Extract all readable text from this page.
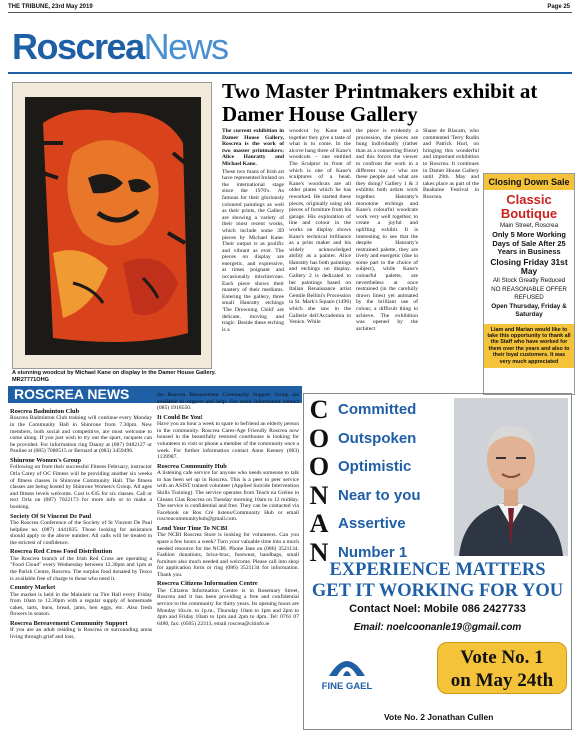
THE TRIBUNE, 23rd May 2019	Page 25
RoscreaNews
A stunning woodcut by Michael Kane on display in the Damer House Gallery. MR27771OHG
Two Master Printmakers exhibit at Damer House Gallery

The current exhibition in Damer House Gallery, Roscrea is the work of two master printmakers; Alice Hanratty and Michael Kane.

These two titans of Irish art have represented Ireland on the international stage since the 1970's. As famous for their gloriously coloured paintings as well as their prints, the Gallery are showing a variety of their most recent works, which include some 3D pieces by Michael Kane. Their output is as prolific and vibrant as ever. The pieces on display are energetic, and expressive, at times poignant and occasionally mischievous. Each piece shows their mastery of their mediums. Entering the gallery, three small Hanratty etchings 'The Drowning Child' are delicate, moving and tragic. Beside these etching is a

woodcut by Kane and together they give a taste of what is to come. In the alcove hang three of Kane's woodcuts – one entitled The Sculptor in front of which is one of Kane's sculptures of a head. Kane's woodcuts are all older plates which he has reworked. He started these pieces, originally using old pieces of furniture from his garage. His exploration of line and colour in the works on display shows Kane's technical brilliance as a print maker and his widely acknowledged ability as a painter. Alice Hanratty has both paintings and etchings on display. Gallery 2 is dedicated to her paintings based on Italian Renaissance artist Gentile Bellini's Procession in St. Mark's Square (1496) which she saw in the Gallerie dell'Accademia in Venice. While

the piece is evidently a procession, the pieces are hung individually (rather than as a connecting frieze) and this forces the viewer to confront the work in a different way – who are these people and what are they doing? Gallery 1 & 3 exhibits both artists work together. Hanratty's monotone etchings and Kane's colourful woodcuts work very well together, to create a joyful and uplifting exhibit. It is interesting to see that the despite Hanratty's restrained palette, they are lively and energetic (due in some part to the choice of subject), while Kane's colourful palette, are nevertheless at once restrained (in the carefully drawn lines) yet animated by the brilliant use of colour, a difficult thing to achieve. The exhibition was opened by the architect

Shane de Blacam, who commented 'Terry Rudin and Patrick Hurl, on bringing this wonderful and important exhibition to Roscrea. It continues in Damer House Gallery until 29th. May and takes place as part of the Bealtaine Festival in Roscrea.

Closing Down Sale
Classic Boutique
Main Street, Roscrea
Only 5 More Working Days of Sale After 25 Years in Business
Closing Friday 31st May
All Stock Greatly Reduced
NO REASONABLE OFFER REFUSED
Open Thursday, Friday & Saturday
Liam and Marian would like to take this opportunity to thank all the Staff who have worked for them over the years and also to their loyal customers. It was very much appreciated
ROSCREA NEWS
Roscrea Badminton Club

Roscrea Badminton Club training will continue every Monday in the Community Hall in Shinrone from 7.30pm. New members, both social and competitive, are most welcome to come along. If you just wish to try out the sport, racquets can be provided. For information ring Danny at (087) 9482127 or Pauline at (085) 7080515 or Bernard at (083) 3459496.

Shinrone Women's Group

Following on from their successful Fitness February, instructor Orla Carey of OC Fitness will be providing another six weeks of fitness classes in Shinrone Community Hall. The fitness classes are being hosted by Shinrone Women's Group. All ages and fitness levels welcome. Cost is €45 for six classes. Call or text Orla on (087) 7022173 for more info or to make a booking.

Society Of St Vincent De Paul

The Roscrea Conference of the Society of St Vincent De Paul helpline no. (087) 4441835. Those looking for assistance should apply to the above number. All calls will be treated in the strictest of confidence.

Roscrea Red Cross Food Distribution

The Roscrea branch of the Irish Red Cross are operating a "Food Cloud" every Wednesday between 12.30pm and 1pm at the Parish Centre, Roscrea. The surplus food donated by Tesco is available free of charge to those who need it.

Country Market

The market is held in the Mainistir na Tire Hall every Friday from 10am to 12.30pm with a regular supply of homemade cakes, tarts, buns, bread, jams, hen eggs, etc. Also fresh flowers in season.

Roscrea Bereavement Community Support

If you are an adult residing is Roscrea or surrounding areas living through grief and loss,

the Roscrea Bereavement Community Support Group are available to support and help. For more information contact (085) 1918550.

It Could Be You!

Have you an hour a week to spare to befriend an elderly person in the community. Roscrea Cares-Age Friendly Roscrea now housed in the beautifully restored courthouse is looking for volunteers to visit or phone a member of the community once a week. For further information contact Anne Keeney (083) 1139987.

Roscrea Community Hub

A listening cafe service for anyone who needs someone to talk to has been set up in Roscrea. This is a peer to peer service with an ASIST trained volunteer (Applied Suicide Intervention Skills Training). The service operates from Teach na Gréine in Gleann Glas Roscrea on Tuesday morning 10am to 12 midday. The service is confidential and free. They can be contacted via Facebook on Ros Cré listens/Community Hub or email roscreacommunityhub@gmail.com.

Lend Your Time To NCBI

The NCBI Roscrea Store is looking for volunteers. Can you spare a few hours a week? Turn your valuable time into a much needed resource for the NCBI. Phone Jane on (086) 3521134. Fashion donations, brica-brac, footwear, handbags, small furniture also much needed and welcome. Please call into shop for application form or ring (086) 3521134 for information. Thank you.

Roscrea Citizens Information Centre

The Citizens Information Centre is in Rosemary Street, Roscrea and it has been providing a free and confidential service to the community for thirty years. Its opening hours are Monday 10a.m. to 1p.m., Thursday 10am to 1pm and 2pm to 4pm and Friday 10am to 1pm and 2pm to 4pm. Tel: 0761 07 6480, fax: (0505) 22313, email roscrea@citinfo.ie

C
O
O
N
A
N
Committed
Outspoken
Optimistic
Near to you
Assertive
Number 1
EXPERIENCE MATTERS
GET IT WORKING FOR YOU
Contact Noel: Mobile 086 2427733
Email: noelcoonanle19@gmail.com
FINE GAEL
Vote No. 1
on May 24th
Vote No. 2 Jonathan Cullen
